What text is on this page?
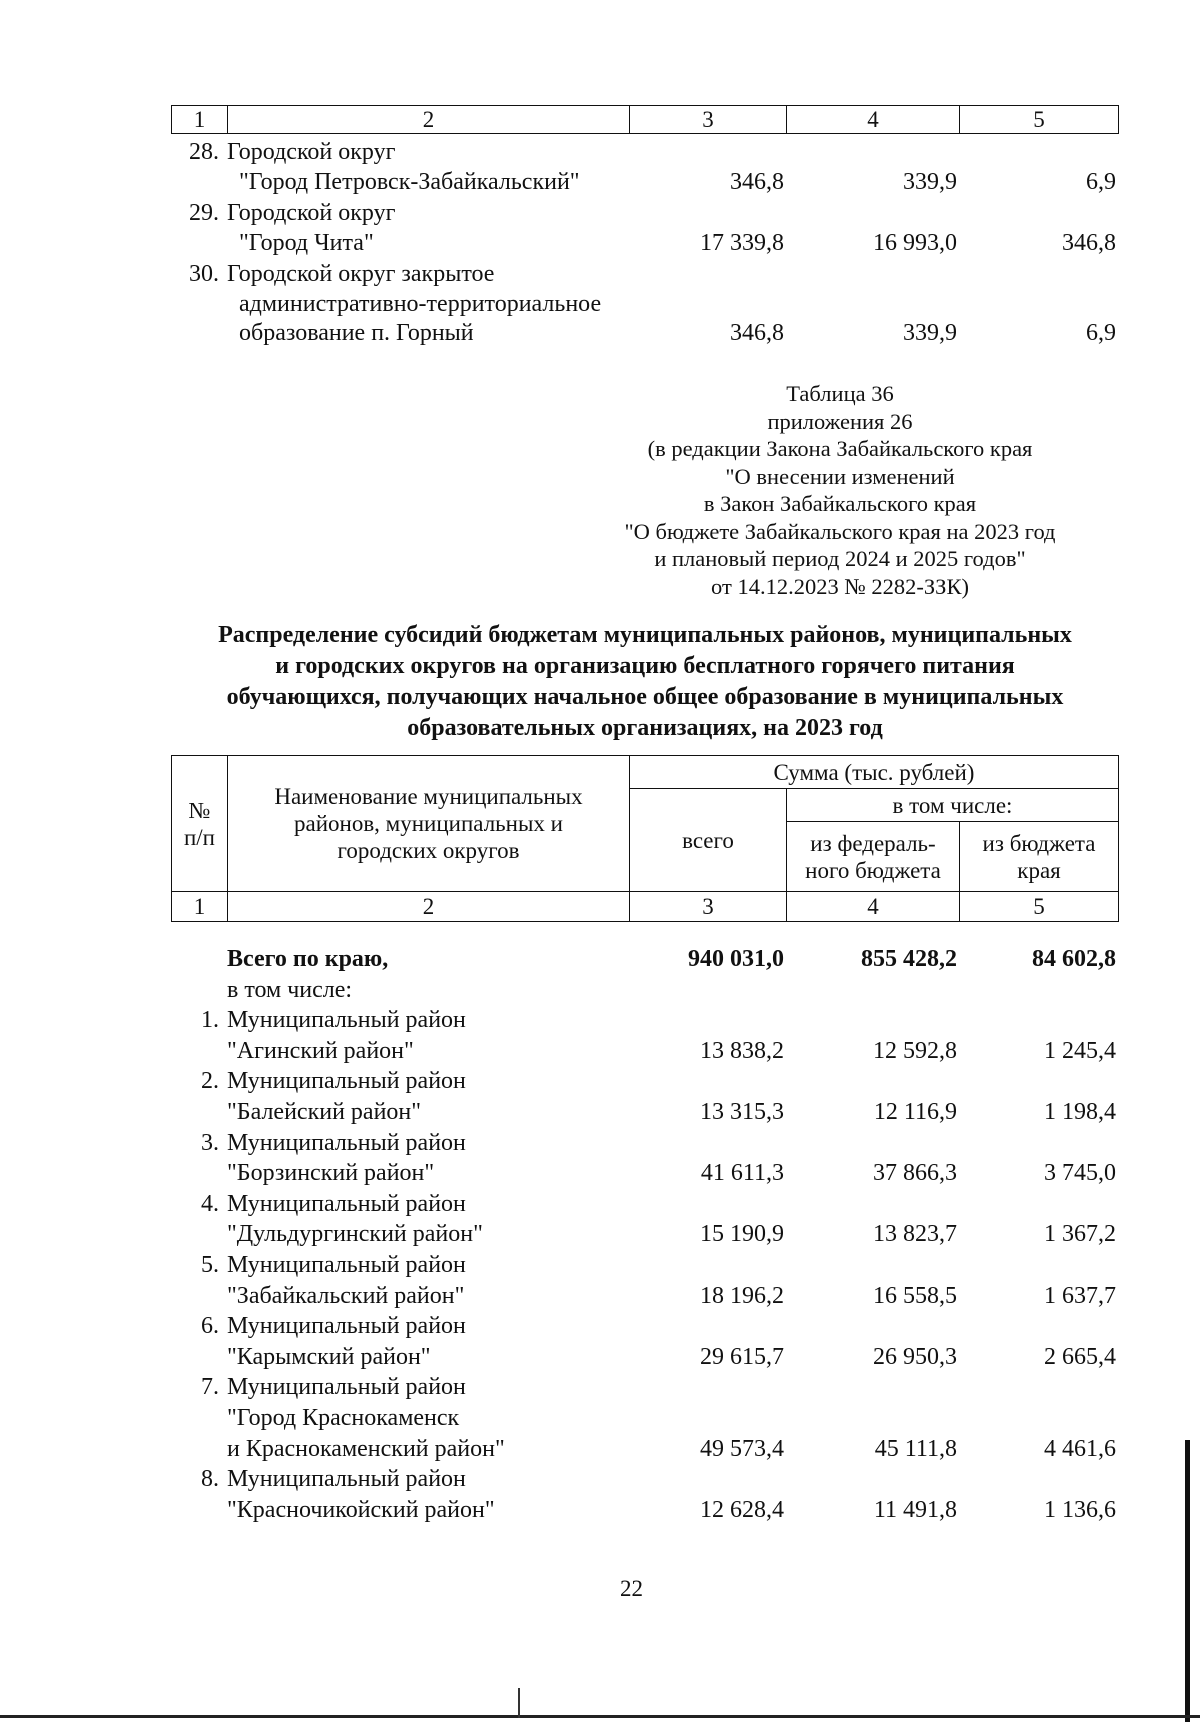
1	2	3	4	5
28. Городской округ
"Город Петровск-Забайкальский"	346,8	339,9	6,9
29. Городской округ
"Город Чита"	17 339,8	16 993,0	346,8
30. Городской округ закрытое
административно-территориальное
образование п. Горный	346,8	339,9	6,9
Таблица 36
приложения 26
(в редакции Закона Забайкальского края
"О внесении изменений
в Закон Забайкальского края
"О бюджете Забайкальского края на 2023 год
и плановый период 2024 и 2025 годов"
от 14.12.2023 № 2282-ЗЗК)
Распределение субсидий бюджетам муниципальных районов, муниципальных
и городских округов на организацию бесплатного горячего питания
обучающихся, получающих начальное общее образование в муниципальных
образовательных организациях, на 2023 год
№ п/п	Наименование муниципальных районов, муниципальных и городских округов	Сумма (тыс. рублей)		
		всего	в том числе:	
			из федераль-ного бюджета	из бюджета края
1	2	3	4	5
Всего по краю,	940 031,0	855 428,2	84 602,8
в том числе:
1. Муниципальный район
"Агинский район"	13 838,2	12 592,8	1 245,4
2. Муниципальный район
"Балейский район"	13 315,3	12 116,9	1 198,4
3. Муниципальный район
"Борзинский район"	41 611,3	37 866,3	3 745,0
4. Муниципальный район
"Дульдургинский район"	15 190,9	13 823,7	1 367,2
5. Муниципальный район
"Забайкальский район"	18 196,2	16 558,5	1 637,7
6. Муниципальный район
"Карымский район"	29 615,7	26 950,3	2 665,4
7. Муниципальный район
"Город Краснокаменск
и Краснокаменский район"	49 573,4	45 111,8	4 461,6
8. Муниципальный район
"Красночикойский район"	12 628,4	11 491,8	1 136,6
22
